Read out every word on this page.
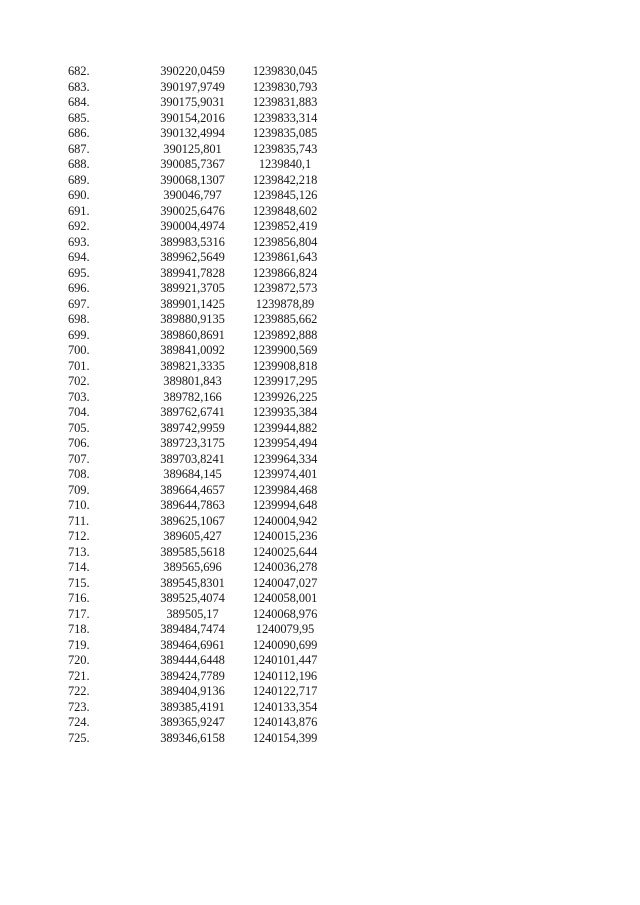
682.	390220,0459	1239830,045
683.	390197,9749	1239830,793
684.	390175,9031	1239831,883
685.	390154,2016	1239833,314
686.	390132,4994	1239835,085
687.	390125,801	1239835,743
688.	390085,7367	1239840,1
689.	390068,1307	1239842,218
690.	390046,797	1239845,126
691.	390025,6476	1239848,602
692.	390004,4974	1239852,419
693.	389983,5316	1239856,804
694.	389962,5649	1239861,643
695.	389941,7828	1239866,824
696.	389921,3705	1239872,573
697.	389901,1425	1239878,89
698.	389880,9135	1239885,662
699.	389860,8691	1239892,888
700.	389841,0092	1239900,569
701.	389821,3335	1239908,818
702.	389801,843	1239917,295
703.	389782,166	1239926,225
704.	389762,6741	1239935,384
705.	389742,9959	1239944,882
706.	389723,3175	1239954,494
707.	389703,8241	1239964,334
708.	389684,145	1239974,401
709.	389664,4657	1239984,468
710.	389644,7863	1239994,648
711.	389625,1067	1240004,942
712.	389605,427	1240015,236
713.	389585,5618	1240025,644
714.	389565,696	1240036,278
715.	389545,8301	1240047,027
716.	389525,4074	1240058,001
717.	389505,17	1240068,976
718.	389484,7474	1240079,95
719.	389464,6961	1240090,699
720.	389444,6448	1240101,447
721.	389424,7789	1240112,196
722.	389404,9136	1240122,717
723.	389385,4191	1240133,354
724.	389365,9247	1240143,876
725.	389346,6158	1240154,399
